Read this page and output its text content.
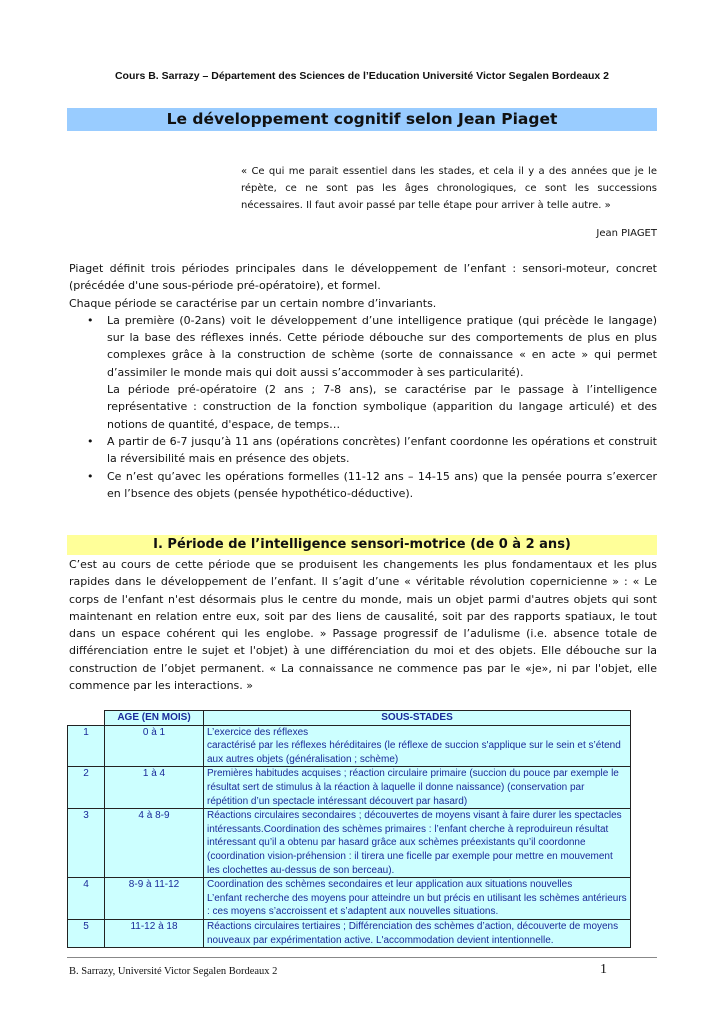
Cours B. Sarrazy – Département des Sciences de l’Education Université Victor Segalen Bordeaux 2
Le développement cognitif selon Jean Piaget
« Ce qui me parait essentiel dans les stades, et cela il y a des années que je le répète, ce ne sont pas les âges chronologiques, ce sont les successions nécessaires. Il faut avoir passé par telle étape pour arriver à telle autre. »
Jean PIAGET

Piaget définit trois périodes principales dans le développement de l’enfant : sensori-moteur, concret (précédée d'une sous-période pré-opératoire), et formel.

Chaque période se caractérise par un certain nombre d’invariants.

• La première (0-2ans) voit le développement d’une intelligence pratique (qui précède le langage) sur la base des réflexes innés. Cette période débouche sur des comportements de plus en plus complexes grâce à la construction de schème (sorte de connaissance « en acte » qui permet d’assimiler le monde mais qui doit aussi s’accommoder à ses particularité).

La période pré-opératoire (2 ans ; 7-8 ans), se caractérise par le passage à l’intelligence représentative : construction de la fonction symbolique (apparition du langage articulé) et des notions de quantité, d'espace, de temps…

• A partir de 6-7 jusqu’à 11 ans (opérations concrètes) l’enfant coordonne les opérations et construit la réversibilité mais en présence des objets.

• Ce n’est qu’avec les opérations formelles (11-12 ans – 14-15 ans) que la pensée pourra s’exercer en l’bsence des objets (pensée hypothético-déductive).

I. Période de l’intelligence sensori-motrice (de 0 à 2 ans)
C’est au cours de cette période que se produisent les changements les plus fondamentaux et les plus rapides dans le développement de l’enfant. Il s’agit d’une « véritable révolution copernicienne » : « Le corps de l'enfant n'est désormais plus le centre du monde, mais un objet parmi d'autres objets qui sont maintenant en relation entre eux, soit par des liens de causalité, soit par des rapports spatiaux, le tout dans un espace cohérent qui les englobe. » Passage progressif de l’adulisme (i.e. absence totale de différenciation entre le sujet et l'objet) à une différenciation du moi et des objets. Elle débouche sur la construction de l’objet permanent. « La connaissance ne commence pas par le «je», ni par l'objet, elle commence par les interactions. »
	AGE (EN MOIS)	SOUS-STADES
1	0 à 1	L’exercice des réflexes
caractérisé par les réflexes héréditaires (le réflexe de succion s'applique sur le sein et s’étend aux autres objets (généralisation ; schème)

2	1 à 4	Premières habitudes acquises ; réaction circulaire primaire (succion du pouce par exemple le résultat sert de stimulus à la réaction à laquelle il donne naissance) (conservation par répétition d’un spectacle intéressant découvert par hasard)

3	4 à 8-9	Réactions circulaires secondaires ; découvertes de moyens visant à faire durer les spectacles intéressants.Coordination des schèmes primaires : l’enfant cherche à reproduireun résultat intéressant qu’il a obtenu par hasard grâce aux schèmes préexistants qu’il coordonne (coordination vision-préhension : il tirera une ficelle par exemple pour mettre en mouvement les clochettes au-dessus de son berceau).

4	8-9 à 11-12	Coordination des schèmes secondaires et leur application aux situations nouvelles
L’enfant recherche des moyens pour atteindre un but précis en utilisant les schèmes antérieurs : ces moyens s’accroissent et s’adaptent aux nouvelles situations.

5	11-12 à 18	Réactions circulaires tertiaires ; Différenciation des schèmes d’action, découverte de moyens nouveaux par expérimentation active. L'accommodation devient intentionnelle.
B. Sarrazy, Université Victor Segalen Bordeaux 2	1
